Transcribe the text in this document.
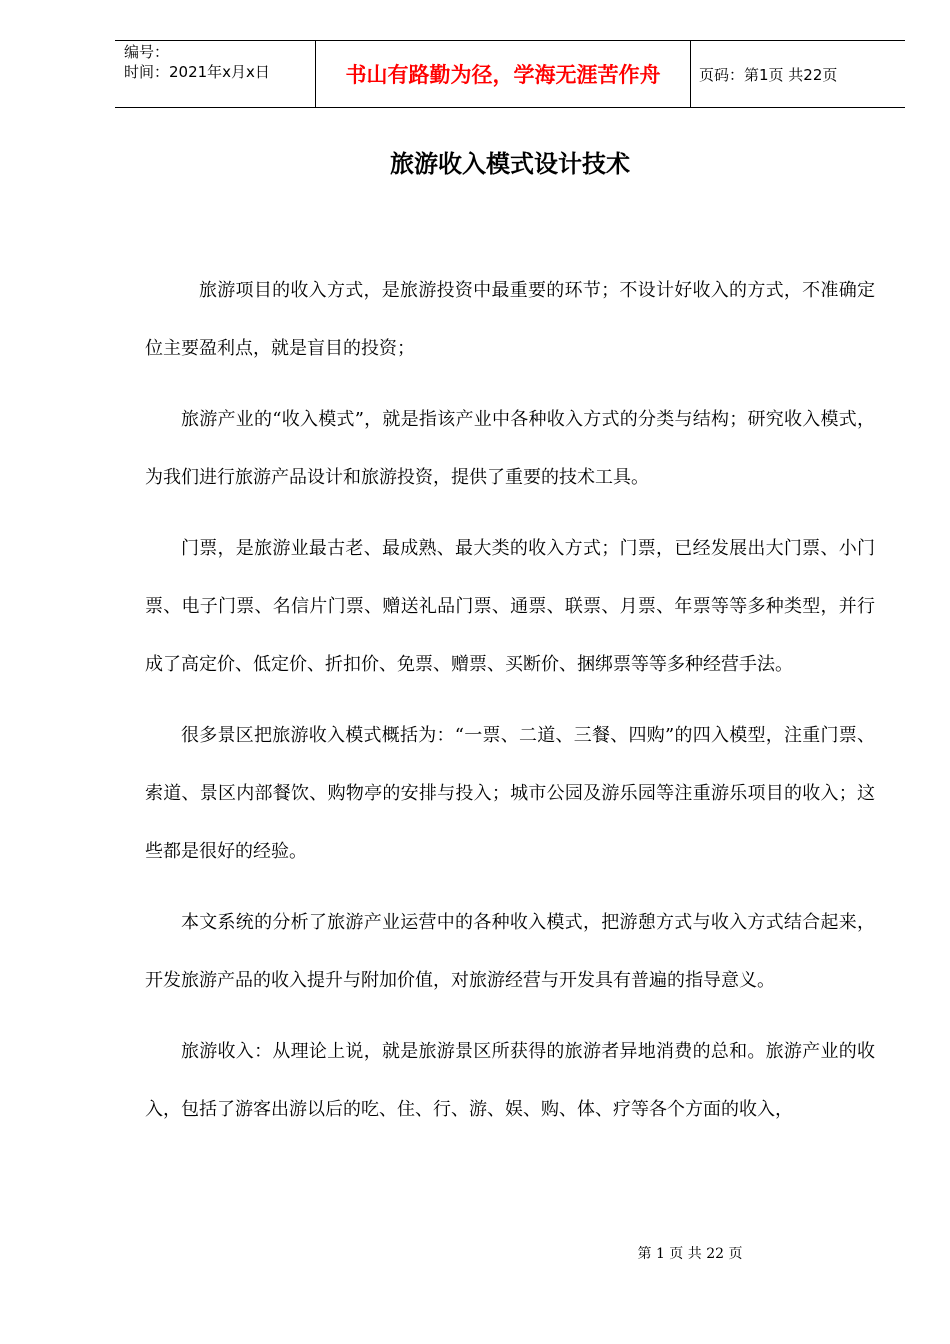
编号：
时间：2021年x月x日	书山有路勤为径，学海无涯苦作舟	页码：第1页 共22页
旅游收入模式设计技术

旅游项目的收入方式，是旅游投资中最重要的环节；不设计好收入的方式，不准确定位主要盈利点，就是盲目的投资；

旅游产业的“收入模式”，就是指该产业中各种收入方式的分类与结构；研究收入模式，为我们进行旅游产品设计和旅游投资，提供了重要的技术工具。

门票，是旅游业最古老、最成熟、最大类的收入方式；门票，已经发展出大门票、小门票、电子门票、名信片门票、赠送礼品门票、通票、联票、月票、年票等等多种类型，并行成了高定价、低定价、折扣价、免票、赠票、买断价、捆绑票等等多种经营手法。

很多景区把旅游收入模式概括为：“一票、二道、三餐、四购”的四入模型，注重门票、索道、景区内部餐饮、购物亭的安排与投入；城市公园及游乐园等注重游乐项目的收入；这些都是很好的经验。

本文系统的分析了旅游产业运营中的各种收入模式，把游憩方式与收入方式结合起来，开发旅游产品的收入提升与附加价值，对旅游经营与开发具有普遍的指导意义。

旅游收入：从理论上说，就是旅游景区所获得的旅游者异地消费的总和。旅游产业的收入，包括了游客出游以后的吃、住、行、游、娱、购、体、疗等各个方面的收入，

第 1 页 共 22 页
